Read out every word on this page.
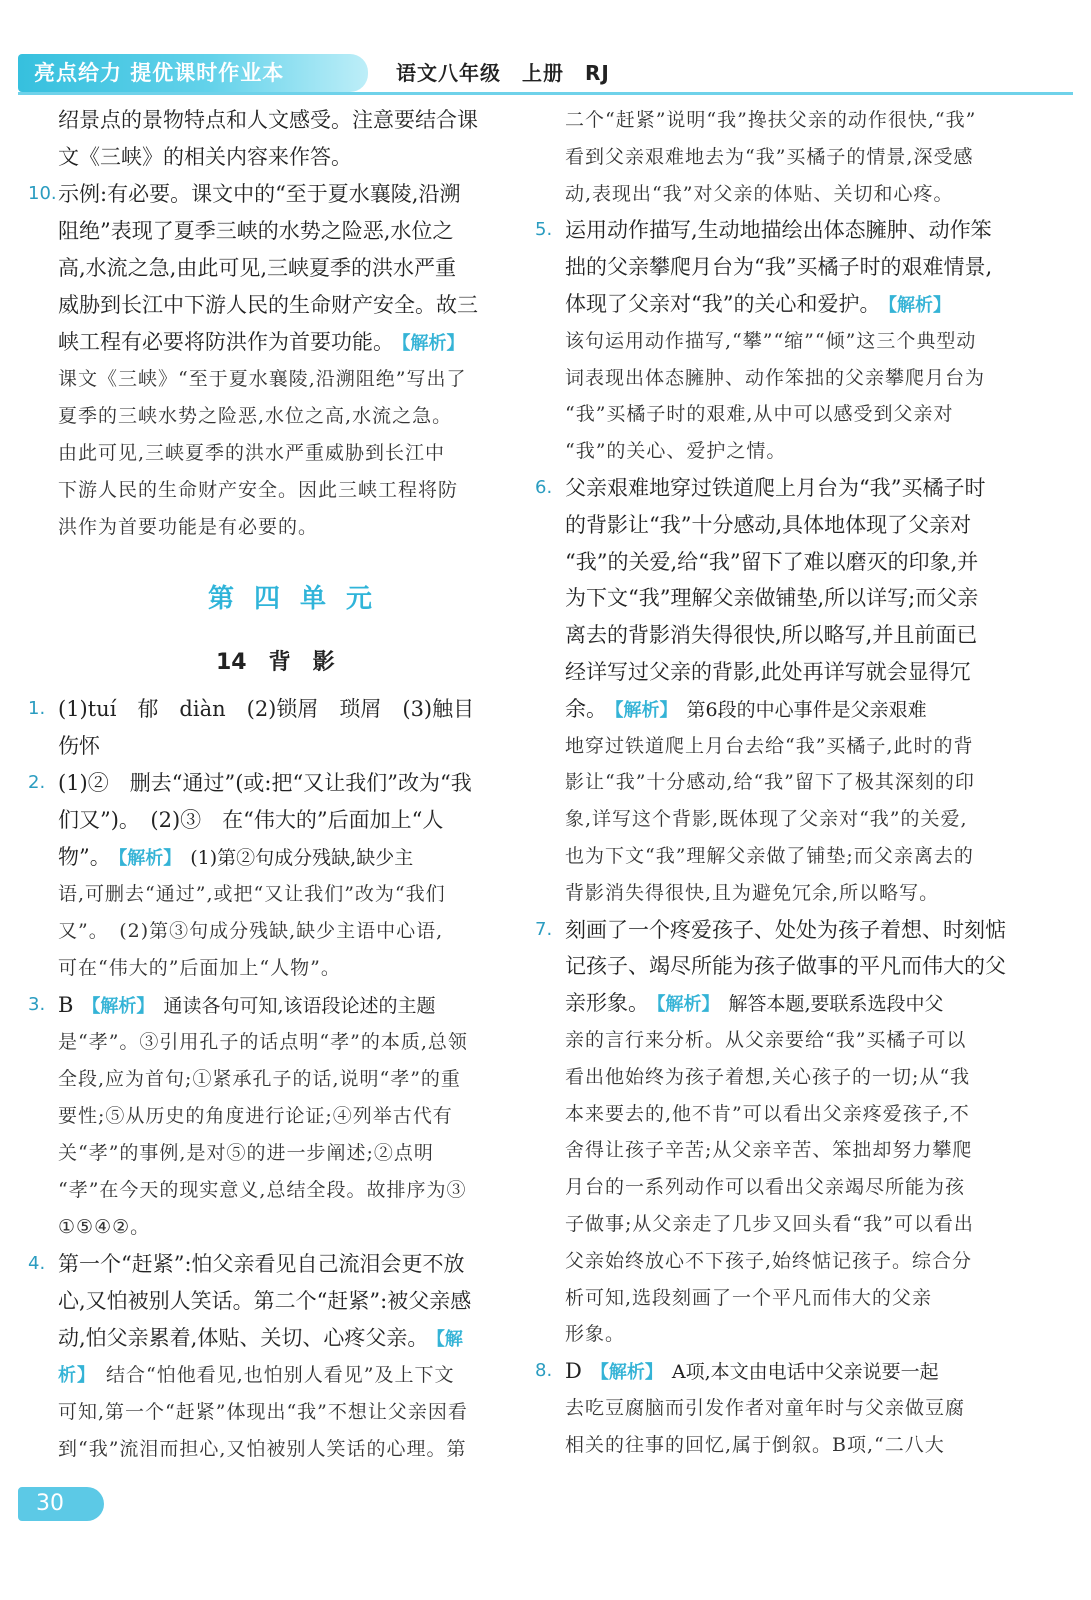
亮点给力 提优课时作业本	语文八年级　上册　RJ
绍景点的景物特点和人文感受。注意要结合课
文《三峡》的相关内容来作答。
10. 示例:有必要。课文中的“至于夏水襄陵,沿溯
阻绝”表现了夏季三峡的水势之险恶,水位之
高,水流之急,由此可见,三峡夏季的洪水严重
威胁到长江中下游人民的生命财产安全。故三
峡工程有必要将防洪作为首要功能。　【解析】　
课文《三峡》“至于夏水襄陵,沿溯阻绝”写出了
夏季的三峡水势之险恶,水位之高,水流之急。
由此可见,三峡夏季的洪水严重威胁到长江中
下游人民的生命财产安全。因此三峡工程将防
洪作为首要功能是有必要的。
第四单元
14　背　影
1. (1)tuí　郁　diàn　(2)锁屑　琐屑　(3)触目
伤怀
2. (1)②　删去“通过”(或:把“又让我们”改为“我
们又”)。　(2)③　在“伟大的”后面加上“人
物”。　【解析】　(1)第②句成分残缺,缺少主
语,可删去“通过”,或把“又让我们”改为“我们
又”。　(2)第③句成分残缺,缺少主语中心语,
可在“伟大的”后面加上“人物”。
3. B　【解析】　通读各句可知,该语段论述的主题
是“孝”。③引用孔子的话点明“孝”的本质,总领
全段,应为首句;①紧承孔子的话,说明“孝”的重
要性;⑤从历史的角度进行论证;④列举古代有
关“孝”的事例,是对⑤的进一步阐述;②点明
“孝”在今天的现实意义,总结全段。故排序为③
①⑤④②。
4. 第一个“赶紧”:怕父亲看见自己流泪会更不放
心,又怕被别人笑话。第二个“赶紧”:被父亲感
动,怕父亲累着,体贴、关切、心疼父亲。　【解　
析】　结合“怕他看见,也怕别人看见”及上下文
可知,第一个“赶紧”体现出“我”不想让父亲因看
到“我”流泪而担心,又怕被别人笑话的心理。第
二个“赶紧”说明“我”搀扶父亲的动作很快,“我”
看到父亲艰难地去为“我”买橘子的情景,深受感
动,表现出“我”对父亲的体贴、关切和心疼。
5. 运用动作描写,生动地描绘出体态臃肿、动作笨
拙的父亲攀爬月台为“我”买橘子时的艰难情景,
体现了父亲对“我”的关心和爱护。　【解析】　
该句运用动作描写,“攀”“缩”“倾”这三个典型动
词表现出体态臃肿、动作笨拙的父亲攀爬月台为
“我”买橘子时的艰难,从中可以感受到父亲对
“我”的关心、爱护之情。
6. 父亲艰难地穿过铁道爬上月台为“我”买橘子时
的背影让“我”十分感动,具体地体现了父亲对
“我”的关爱,给“我”留下了难以磨灭的印象,并
为下文“我”理解父亲做铺垫,所以详写;而父亲
离去的背影消失得很快,所以略写,并且前面已
经详写过父亲的背影,此处再详写就会显得冗
余。　【解析】　第6段的中心事件是父亲艰难
地穿过铁道爬上月台去给“我”买橘子,此时的背
影让“我”十分感动,给“我”留下了极其深刻的印
象,详写这个背影,既体现了父亲对“我”的关爱,
也为下文“我”理解父亲做了铺垫;而父亲离去的
背影消失得很快,且为避免冗余,所以略写。
7. 刻画了一个疼爱孩子、处处为孩子着想、时刻惦
记孩子、竭尽所能为孩子做事的平凡而伟大的父
亲形象。　【解析】　解答本题,要联系选段中父
亲的言行来分析。从父亲要给“我”买橘子可以
看出他始终为孩子着想,关心孩子的一切;从“我
本来要去的,他不肯”可以看出父亲疼爱孩子,不
舍得让孩子辛苦;从父亲辛苦、笨拙却努力攀爬
月台的一系列动作可以看出父亲竭尽所能为孩
子做事;从父亲走了几步又回头看“我”可以看出
父亲始终放心不下孩子,始终惦记孩子。综合分
析可知,选段刻画了一个平凡而伟大的父亲
形象。
8. D　【解析】　A项,本文由电话中父亲说要一起
去吃豆腐脑而引发作者对童年时与父亲做豆腐
相关的往事的回忆,属于倒叙。B项,“二八大
30
